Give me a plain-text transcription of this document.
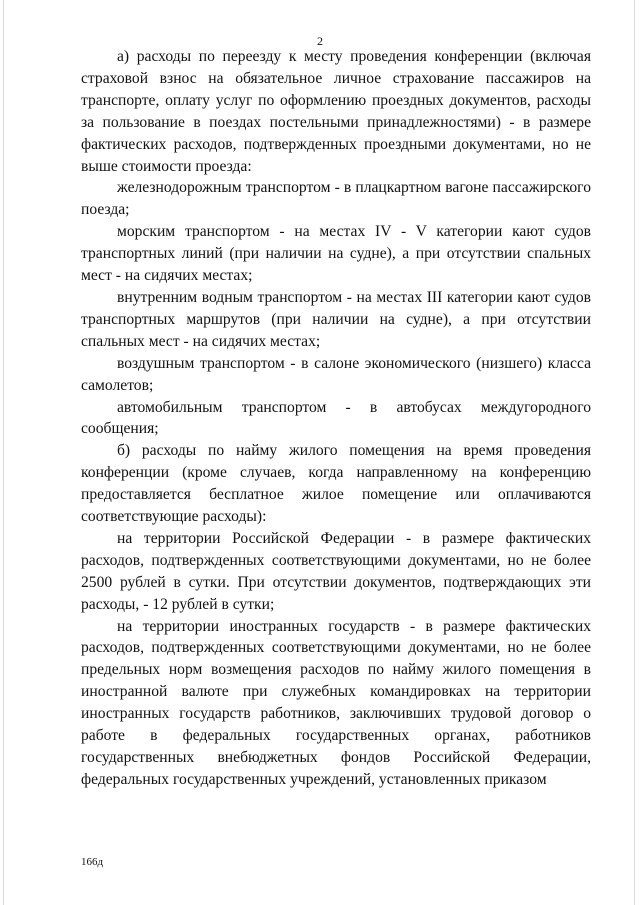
2

а) расходы по переезду к месту проведения конференции (включая страховой взнос на обязательное личное страхование пассажиров на транспорте, оплату услуг по оформлению проездных документов, расходы за пользование в поездах постельными принадлежностями) - в размере фактических расходов, подтвержденных проездными документами, но не выше стоимости проезда:

железнодорожным транспортом - в плацкартном вагоне пассажирского поезда;

морским транспортом - на местах IV - V категории кают судов транспортных линий (при наличии на судне), а при отсутствии спальных мест - на сидячих местах;

внутренним водным транспортом - на местах III категории кают судов транспортных маршрутов (при наличии на судне), а при отсутствии спальных мест - на сидячих местах;

воздушным транспортом - в салоне экономического (низшего) класса самолетов;

автомобильным транспортом - в автобусах междугородного сообщения;

б) расходы по найму жилого помещения на время проведения конференции (кроме случаев, когда направленному на конференцию предоставляется бесплатное жилое помещение или оплачиваются соответствующие расходы):

на территории Российской Федерации - в размере фактических расходов, подтвержденных соответствующими документами, но не более 2500 рублей в сутки. При отсутствии документов, подтверждающих эти расходы, - 12 рублей в сутки;

на территории иностранных государств - в размере фактических расходов, подтвержденных соответствующими документами, но не более предельных норм возмещения расходов по найму жилого помещения в иностранной валюте при служебных командировках на территории иностранных государств работников, заключивших трудовой договор о работе в федеральных государственных органах, работников государственных внебюджетных фондов Российской Федерации, федеральных государственных учреждений, установленных приказом

166д
